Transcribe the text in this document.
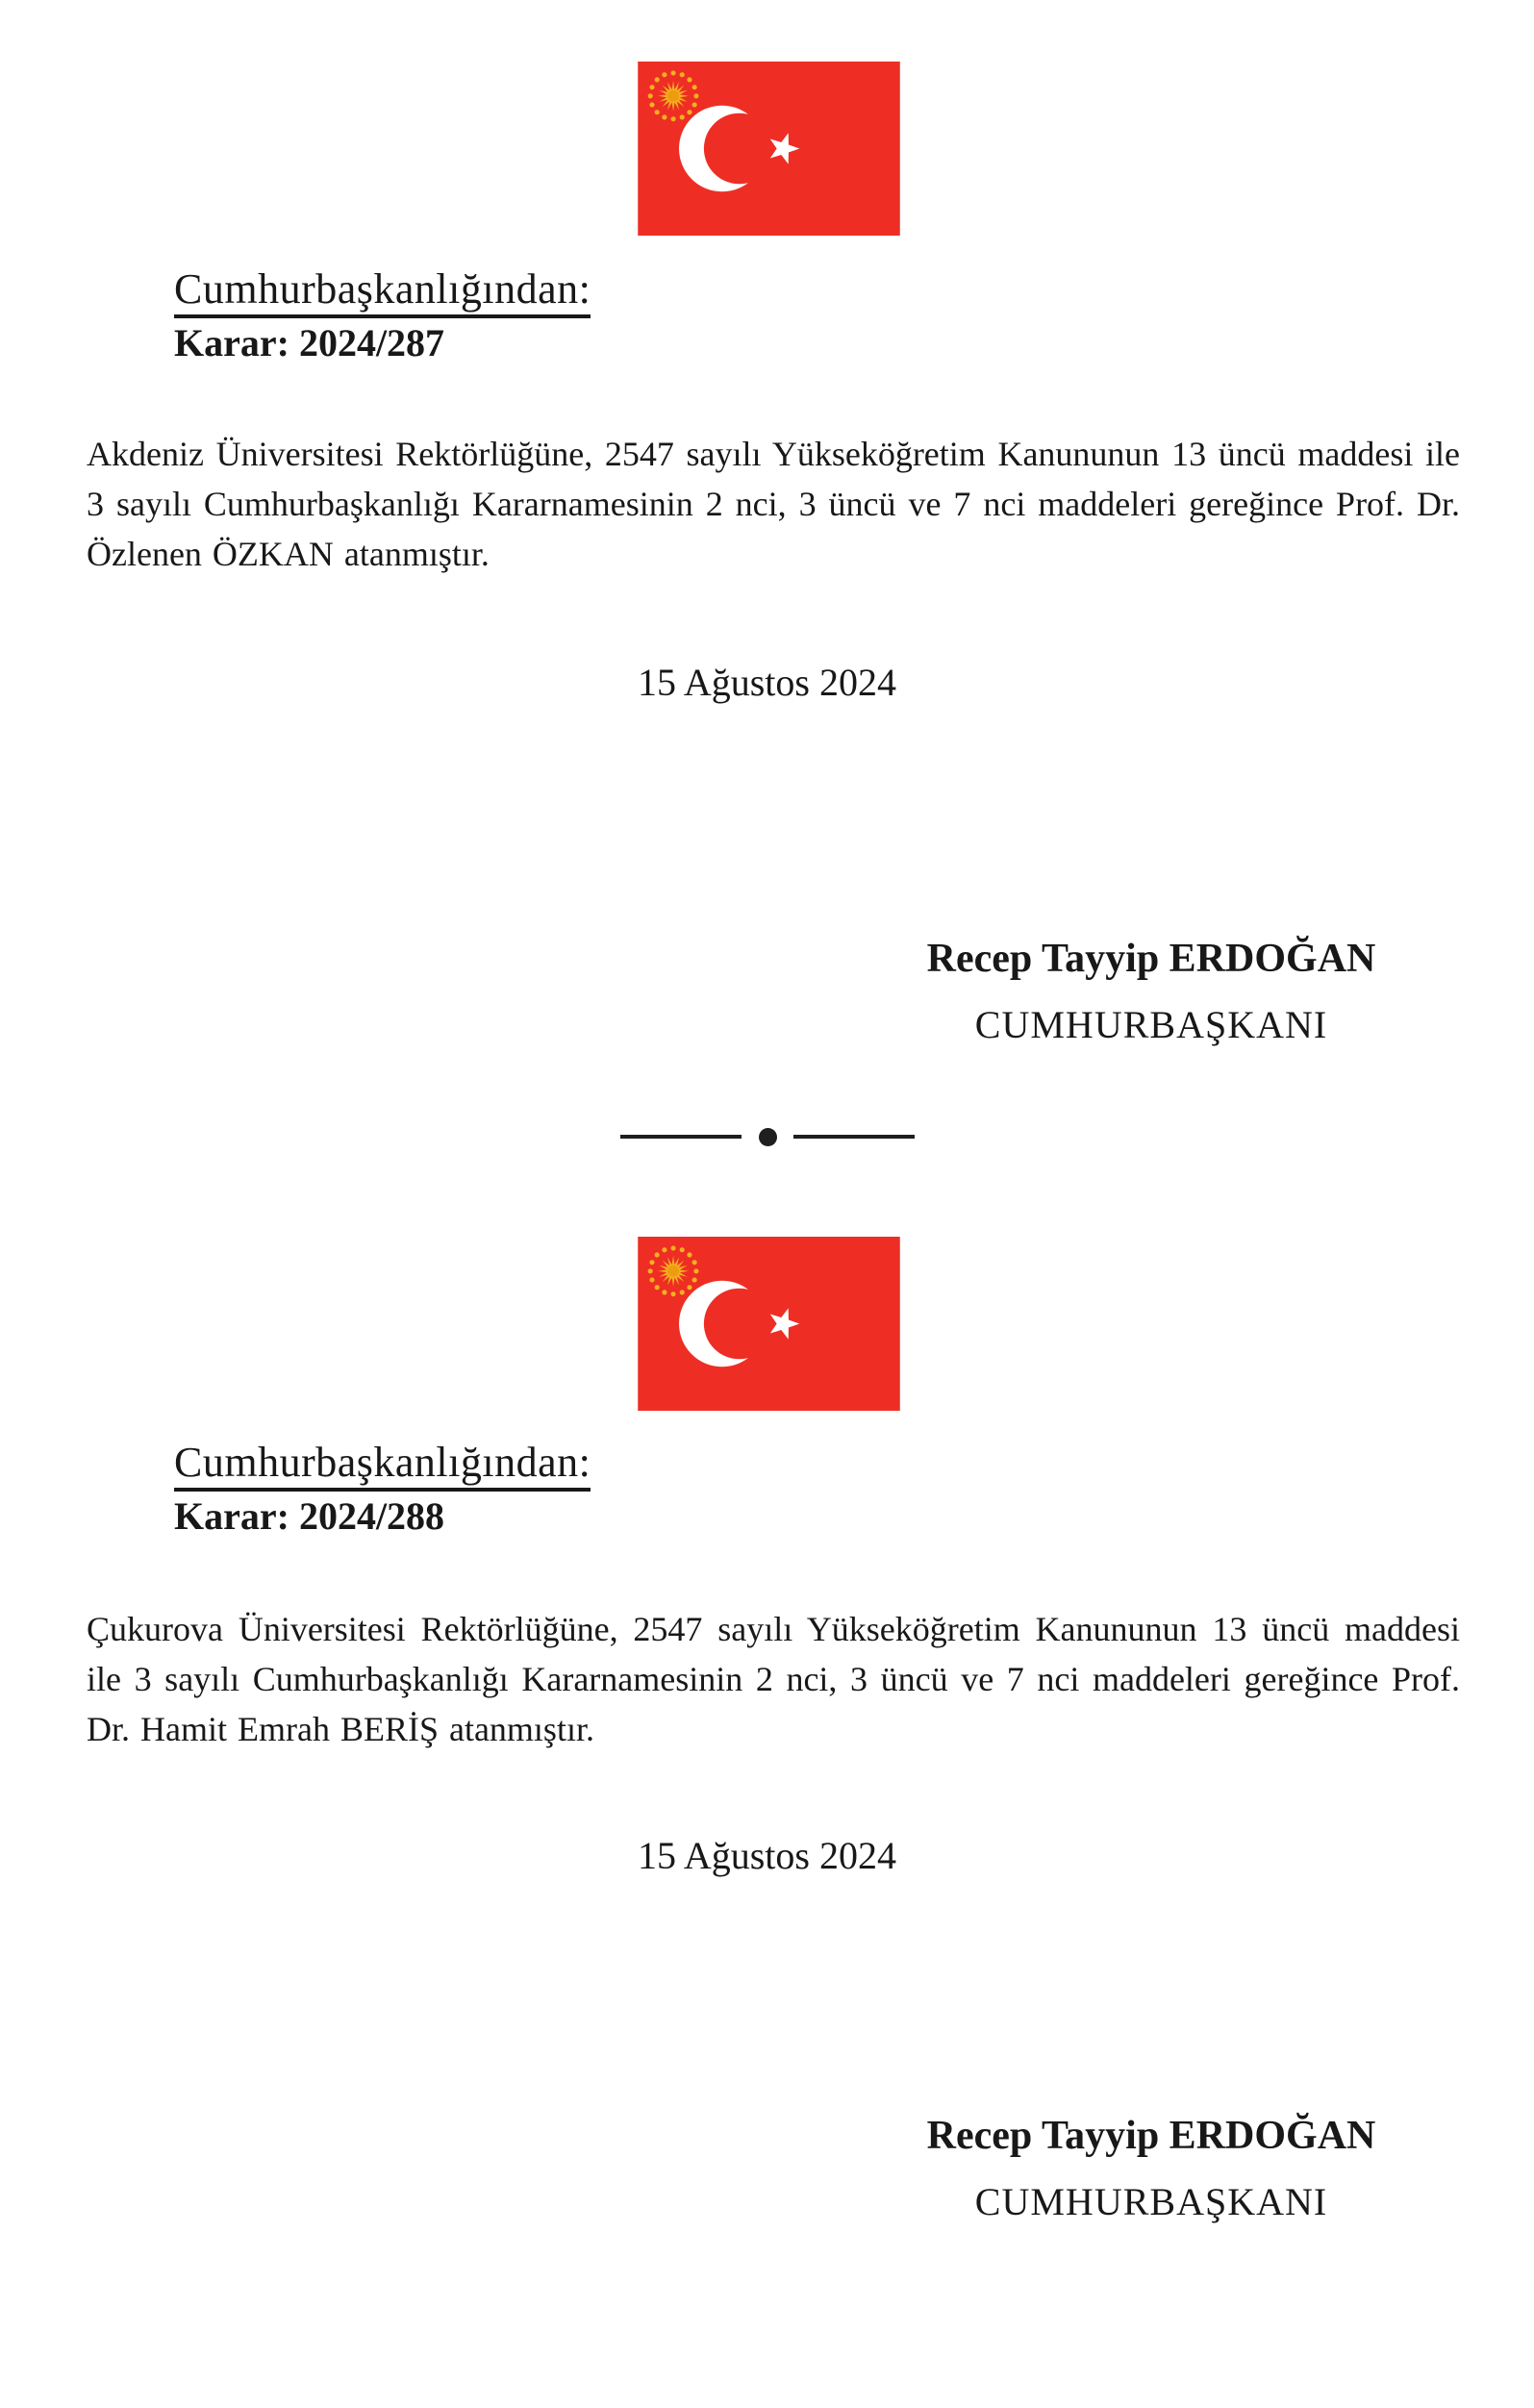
Cumhurbaşkanlığından:
Karar: 2024/287

Akdeniz Üniversitesi Rektörlüğüne, 2547 sayılı Yükseköğretim Kanununun 13 üncü maddesi ile 3 sayılı Cumhurbaşkanlığı Kararnamesinin 2 nci, 3 üncü ve 7 nci maddeleri gereğince Prof. Dr. Özlenen ÖZKAN atanmıştır.

15 Ağustos 2024
Recep Tayyip ERDOĞAN
CUMHURBAŞKANI
Cumhurbaşkanlığından:
Karar: 2024/288

Çukurova Üniversitesi Rektörlüğüne, 2547 sayılı Yükseköğretim Kanununun 13 üncü maddesi ile 3 sayılı Cumhurbaşkanlığı Kararnamesinin 2 nci, 3 üncü ve 7 nci maddeleri gereğince Prof. Dr. Hamit Emrah BERİŞ atanmıştır.

15 Ağustos 2024
Recep Tayyip ERDOĞAN
CUMHURBAŞKANI
